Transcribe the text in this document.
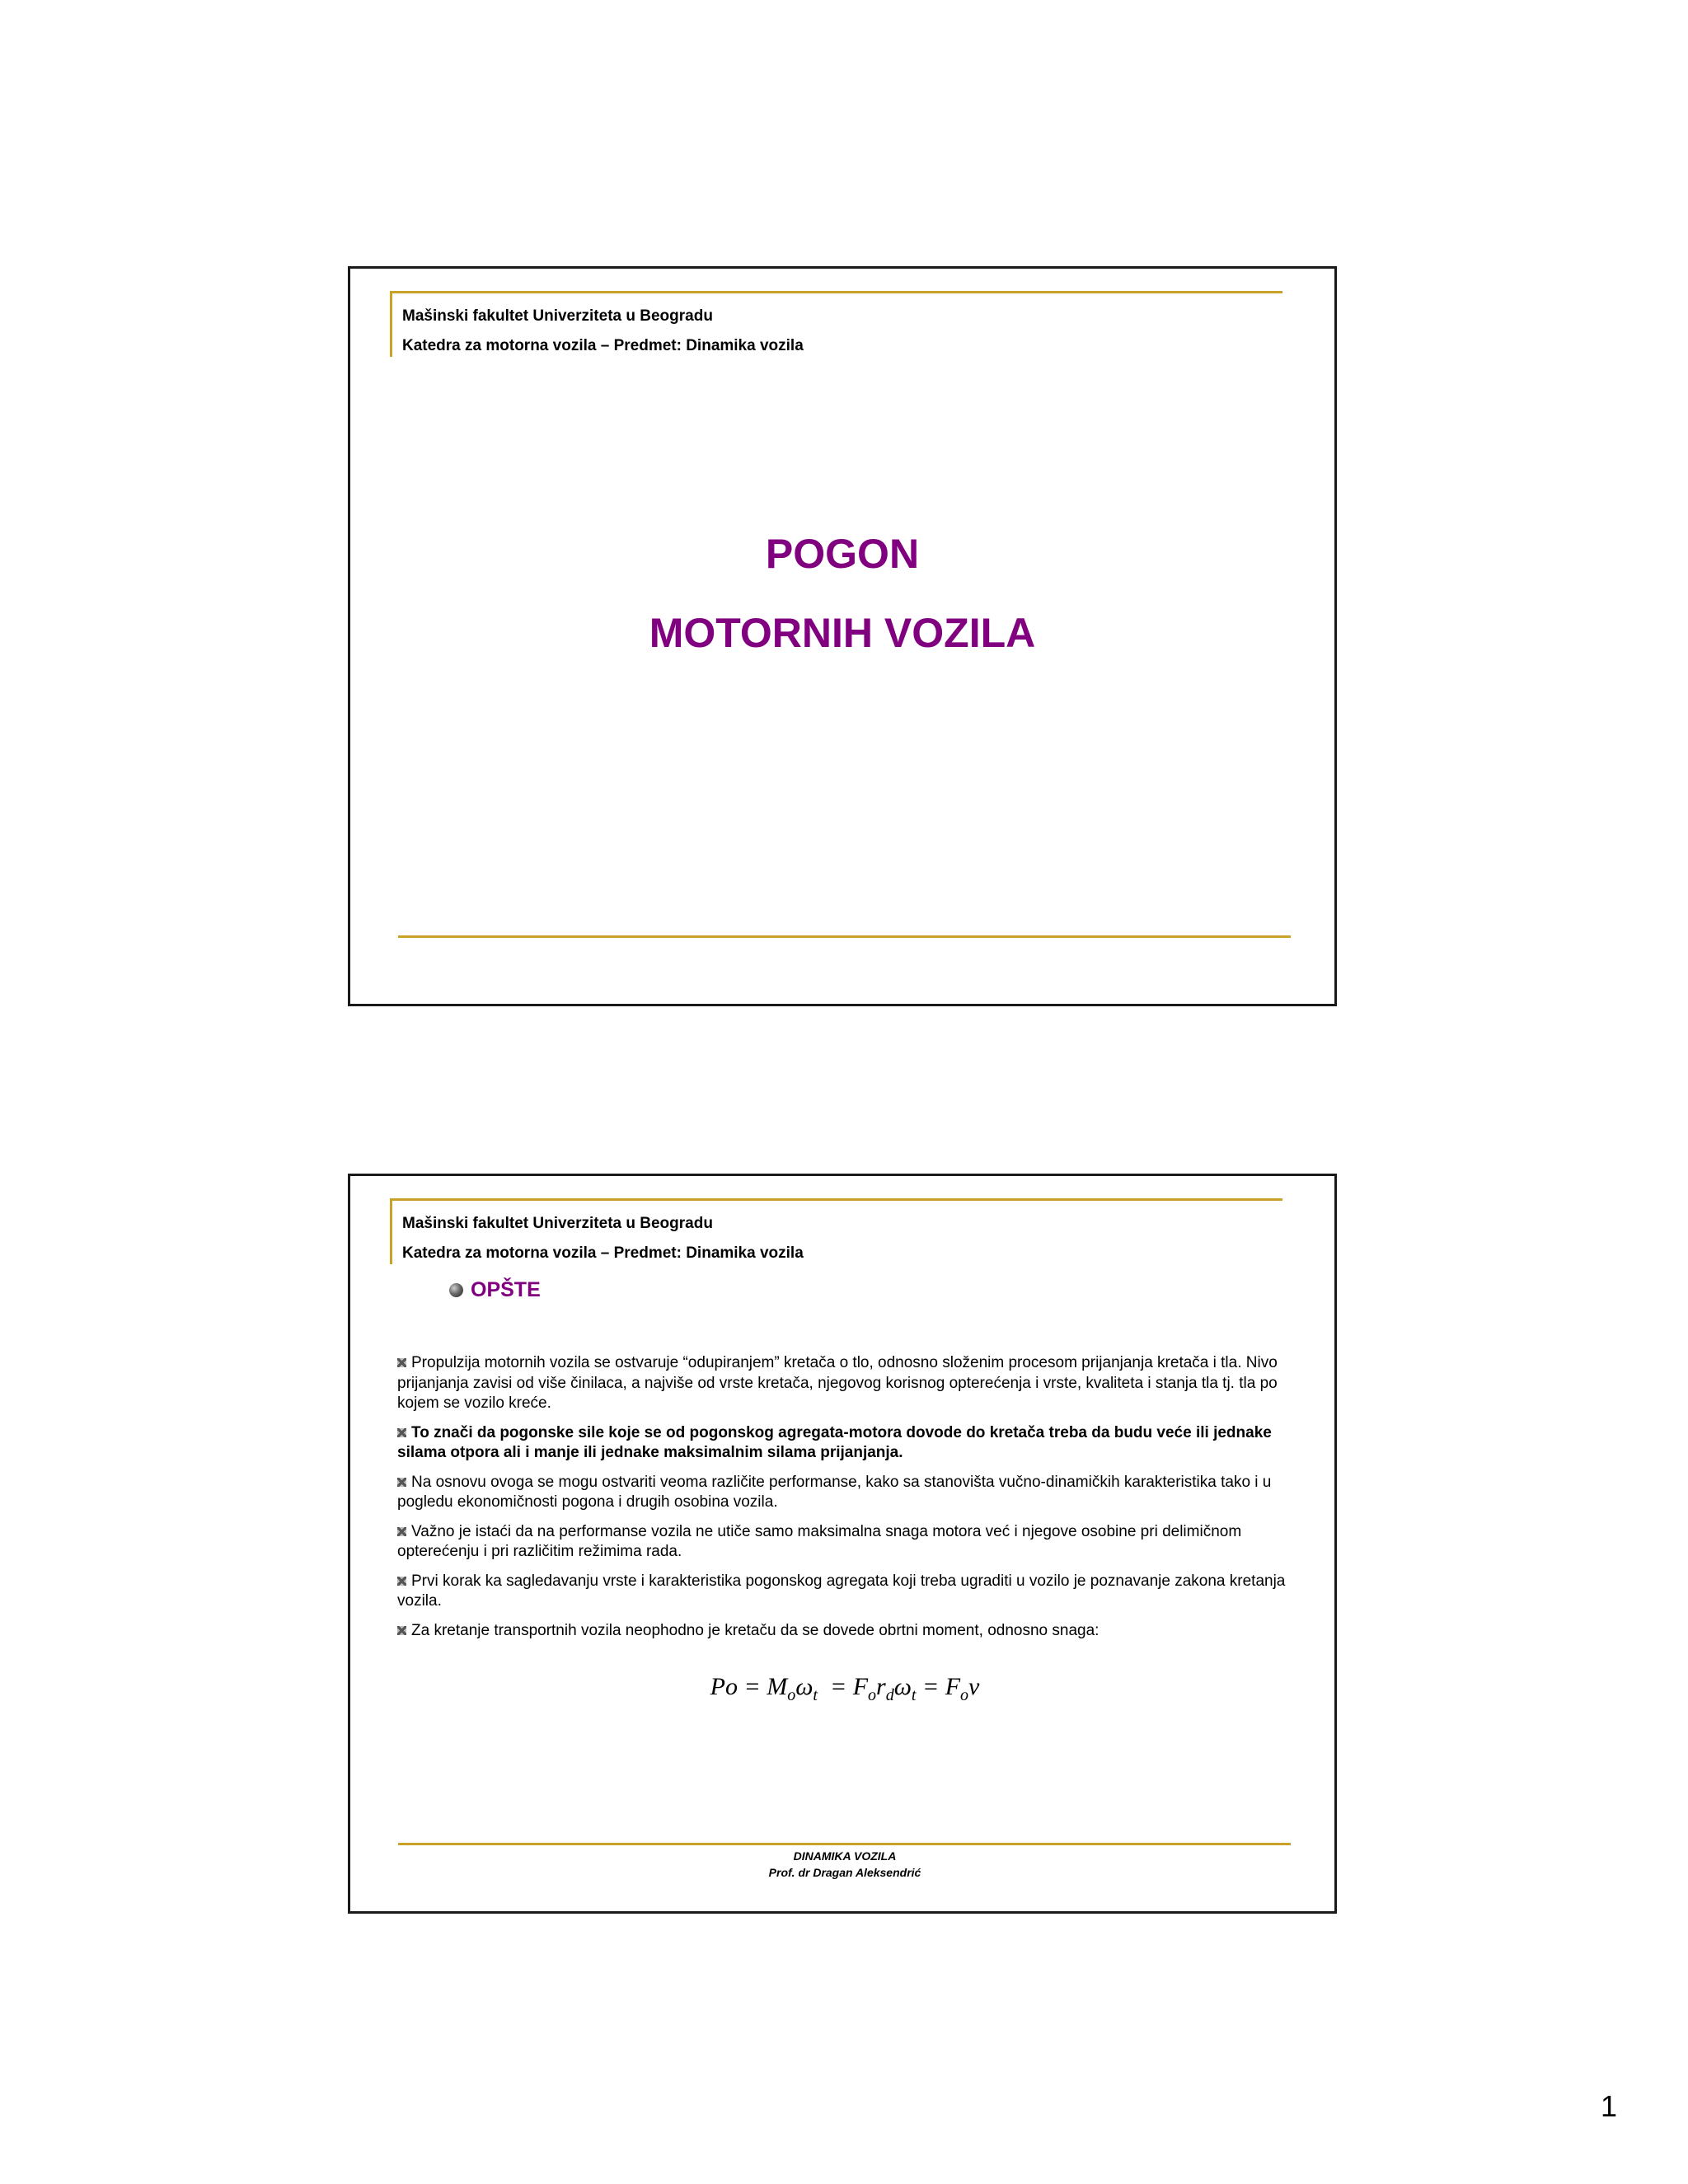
Mašinski fakultet Univerziteta u Beogradu
Katedra za motorna vozila – Predmet: Dinamika vozila
POGON
MOTORNIH VOZILA
Mašinski fakultet Univerziteta u Beogradu
Katedra za motorna vozila – Predmet: Dinamika vozila
OPŠTE

Propulzija motornih vozila se ostvaruje “odupiranjem” kretača o tlo, odnosno složenim procesom prijanjanja kretača i tla. Nivo prijanjanja zavisi od više činilaca, a najviše od vrste kretača, njegovog korisnog opterećenja i vrste, kvaliteta i stanja tla tj. tla po kojem se vozilo kreće.

To znači da pogonske sile koje se od pogonskog agregata-motora dovode do kretača treba da budu veće ili jednake silama otpora ali i manje ili jednake maksimalnim silama prijanjanja.

Na osnovu ovoga se mogu ostvariti veoma različite performanse, kako sa stanovišta vučno-dinamičkih karakteristika tako i u pogledu ekonomičnosti pogona i drugih osobina vozila.

Važno je istaći da na performanse vozila ne utiče samo maksimalna snaga motora već i njegove osobine pri delimičnom opterećenju i pri različitim režimima rada.

Prvi korak ka sagledavanju vrste i karakteristika pogonskog agregata koji treba ugraditi u vozilo je poznavanje zakona kretanja vozila.

Za kretanje transportnih vozila neophodno je kretaču da se dovede obrtni moment, odnosno snaga:

$Po = M_o\omega_t = F_or_d\omega_t = F_ov$
DINAMIKA VOZILA
Prof. dr Dragan Aleksendrić
1
